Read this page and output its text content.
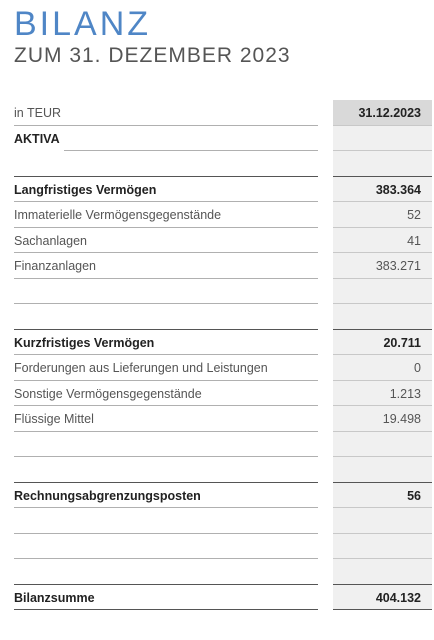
BILANZ
ZUM 31. DEZEMBER 2023
in TEUR	31.12.2023
AKTIVA
Langfristiges Vermögen	383.364
Immaterielle Vermögensgegenstände	52
Sachanlagen	41
Finanzanlagen	383.271
Kurzfristiges Vermögen	20.711
Forderungen aus Lieferungen und Leistungen	0
Sonstige Vermögensgegenstände	1.213
Flüssige Mittel	19.498
Rechnungsabgrenzungsposten	56
Bilanzsumme	404.132
